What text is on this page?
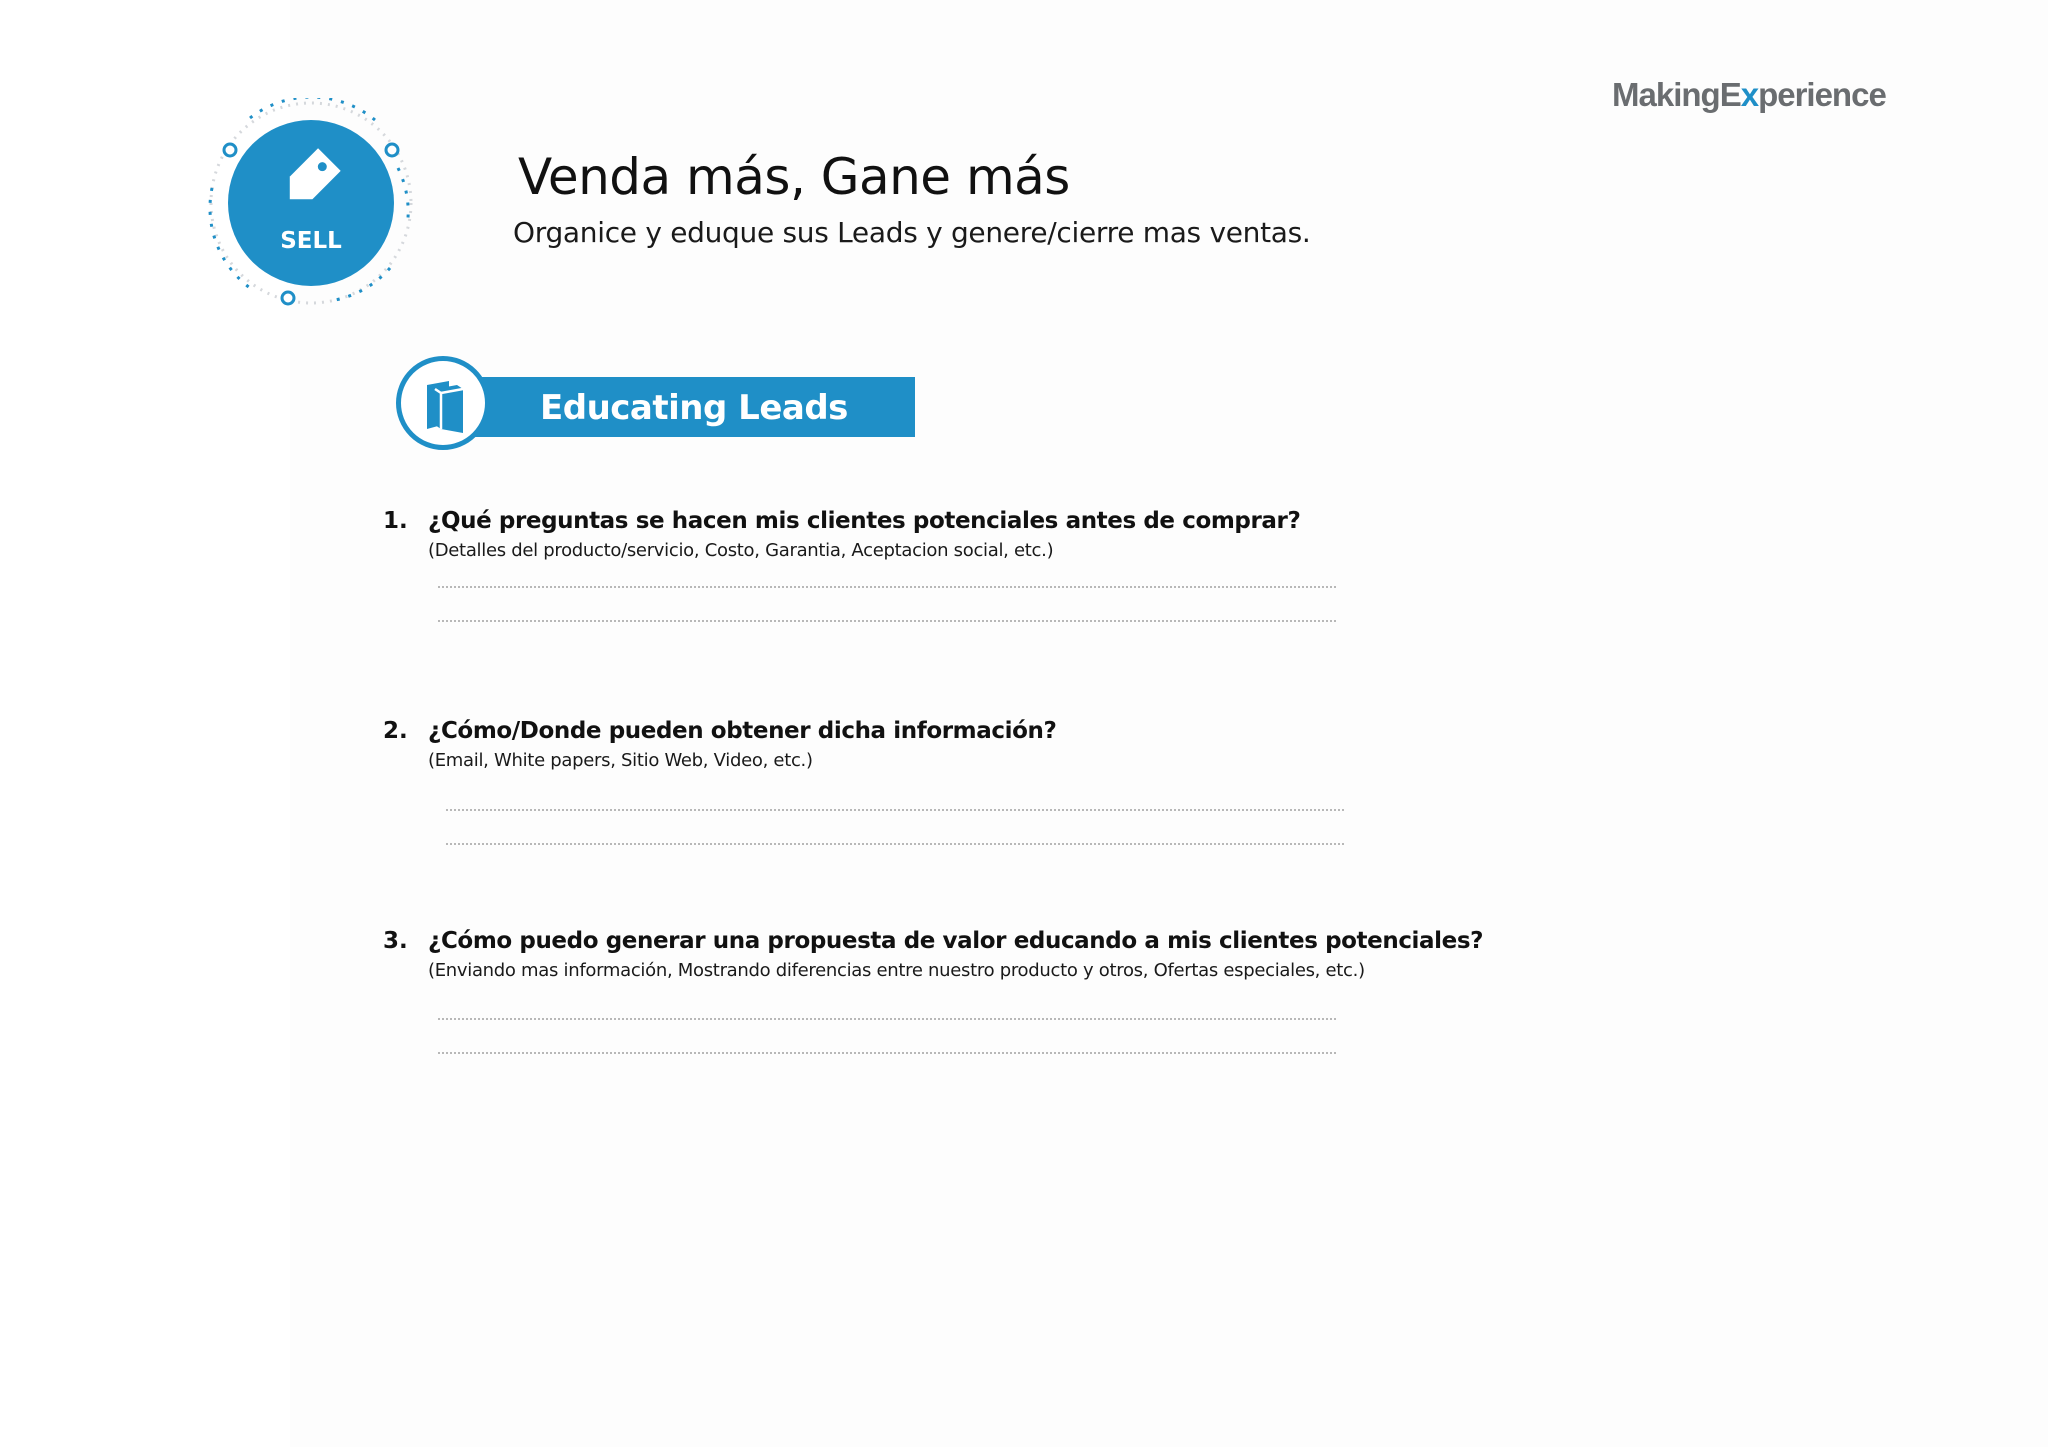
MakingExperience
SELL
Venda más, Gane más
Organice y eduque sus Leads y genere/cierre mas ventas.
Educating Leads
1. ¿Qué preguntas se hacen mis clientes potenciales antes de comprar?
(Detalles del producto/servicio, Costo, Garantia, Aceptacion social, etc.)
2. ¿Cómo/Donde pueden obtener dicha información?
(Email, White papers, Sitio Web, Video, etc.)
3. ¿Cómo puedo generar una propuesta de valor educando a mis clientes potenciales?
(Enviando mas información, Mostrando diferencias entre nuestro producto y otros, Ofertas especiales, etc.)
